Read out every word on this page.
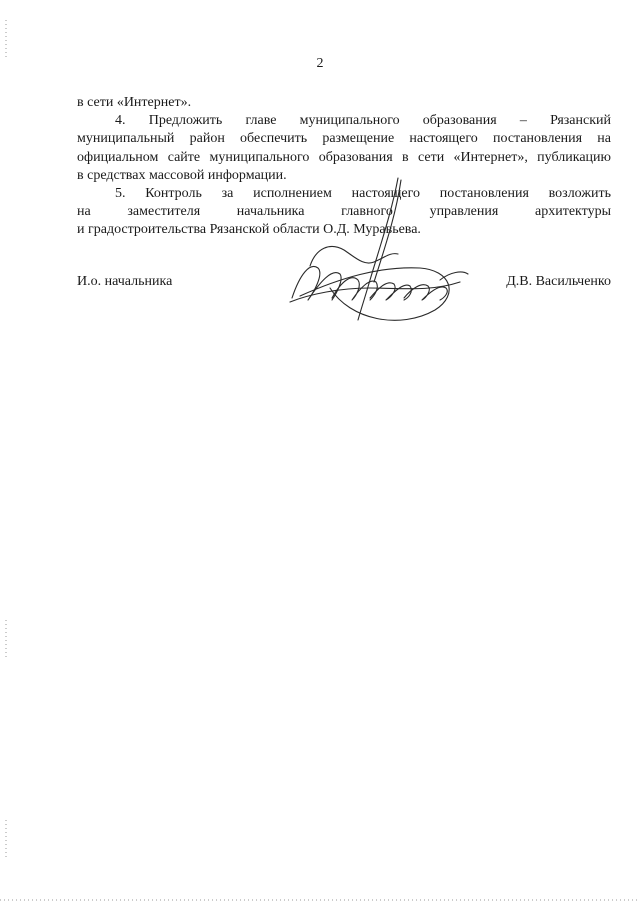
2
в сети «Интернет».
4. Предложить главе муниципального образования – Рязанский
муниципальный район обеспечить размещение настоящего постановления на
официальном сайте муниципального образования в сети «Интернет», публикацию
в средствах массовой информации.
5. Контроль за исполнением настоящего постановления возложить
на заместителя начальника главного управления архитектуры
и градостроительства Рязанской области О.Д. Муравьева.
И.о. начальника	Д.В. Васильченко
